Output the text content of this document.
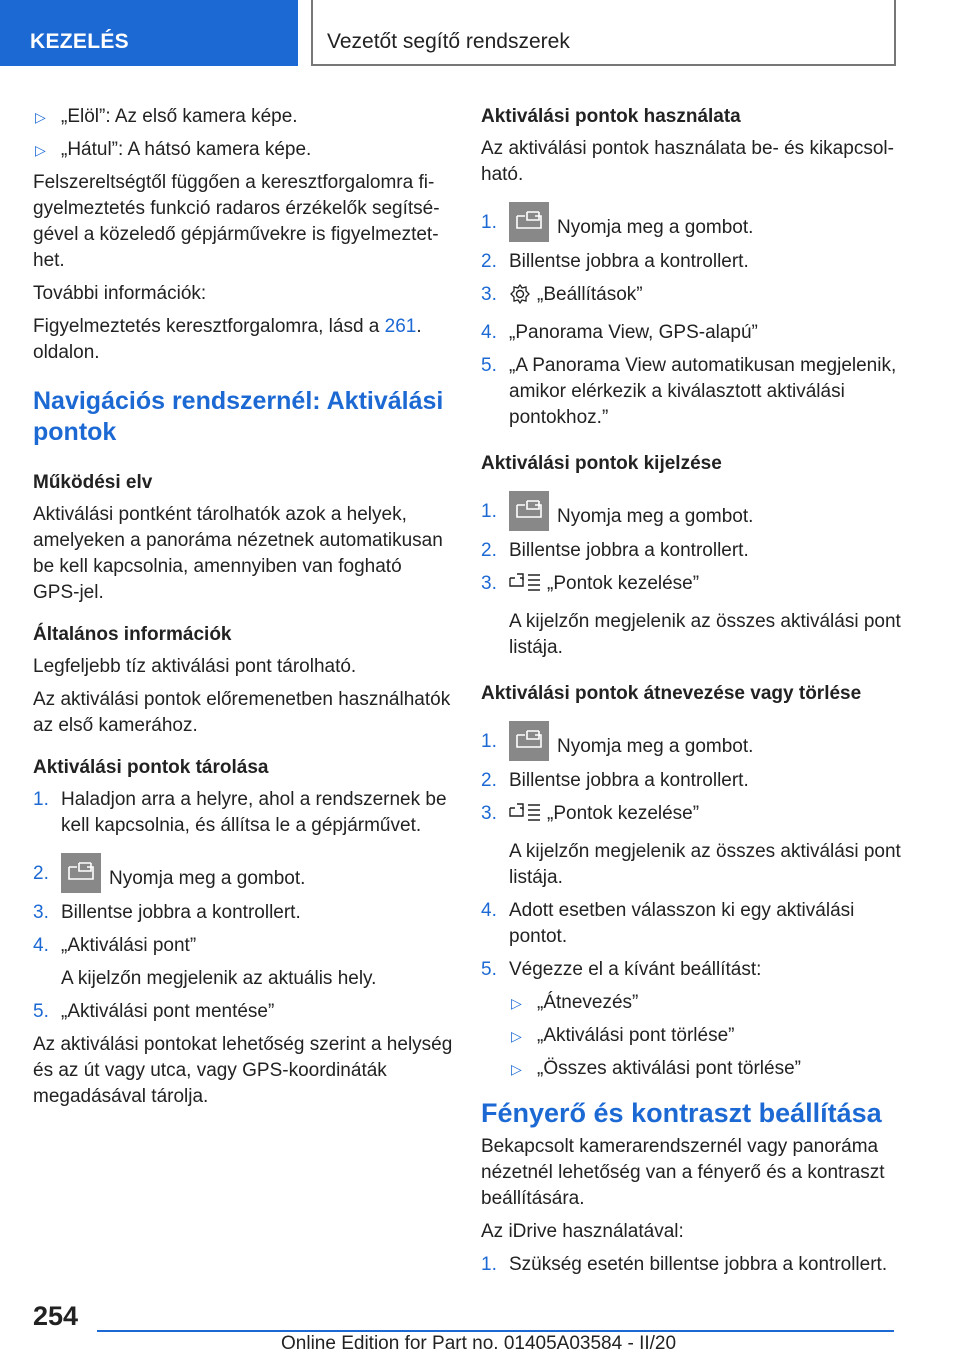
KEZELÉS	Vezetőt segítő rendszerek
▷ „Elöl”: Az első kamera képe.
▷ „Hátul”: A hátsó kamera képe.

Felszereltségtől függően a keresztforgalomra figyelmeztetés funkció radaros érzékelők segítségével a közeledő gépjárművekre is figyelmeztethet.

További információk:

Figyelmeztetés keresztforgalomra, lásd a 261. oldalon.

Navigációs rendszernél: Aktiválási pontok
Működési elv

Aktiválási pontként tárolhatók azok a helyek, amelyeken a panoráma nézetnek automatikusan be kell kapcsolnia, amennyiben van fogható GPS-jel.

Általános információk

Legfeljebb tíz aktiválási pont tárolható.

Az aktiválási pontok előremenetben használhatók az első kamerához.

Aktiválási pontok tárolása
1. Haladjon arra a helyre, ahol a rendszernek be kell kapcsolnia, és állítsa le a gépjárművet.
2.	Nyomja meg a gombot.
3. Billentse jobbra a kontrollert.
4. „Aktiválási pont”

A kijelzőn megjelenik az aktuális hely.

5. „Aktiválási pont mentése”

Az aktiválási pontokat lehetőség szerint a helység és az út vagy utca, vagy GPS-koordináták megadásával tárolja.

Aktiválási pontok használata

Az aktiválási pontok használata be- és kikapcsolható.

1.	Nyomja meg a gombot.
2. Billentse jobbra a kontrollert.
3.	„Beállítások”
4. „Panorama View, GPS-alapú”
5. „A Panorama View automatikusan megjelenik, amikor elérkezik a kiválasztott aktiválási pontokhoz.”
Aktiválási pontok kijelzése
1.	Nyomja meg a gombot.
2. Billentse jobbra a kontrollert.
3.	„Pontok kezelése”

A kijelzőn megjelenik az összes aktiválási pont listája.

Aktiválási pontok átnevezése vagy törlése
1.	Nyomja meg a gombot.
2. Billentse jobbra a kontrollert.
3.	„Pontok kezelése”

A kijelzőn megjelenik az összes aktiválási pont listája.

4. Adott esetben válasszon ki egy aktiválási pontot.
5. Végezze el a kívánt beállítást:
▷ „Átnevezés”
▷ „Aktiválási pont törlése”
▷ „Összes aktiválási pont törlése”
Fényerő és kontraszt beállítása

Bekapcsolt kamerarendszernél vagy panoráma nézetnél lehetőség van a fényerő és a kontraszt beállítására.

Az iDrive használatával:

1. Szükség esetén billentse jobbra a kontrollert.
254
Online Edition for Part no. 01405A03584 - II/20
